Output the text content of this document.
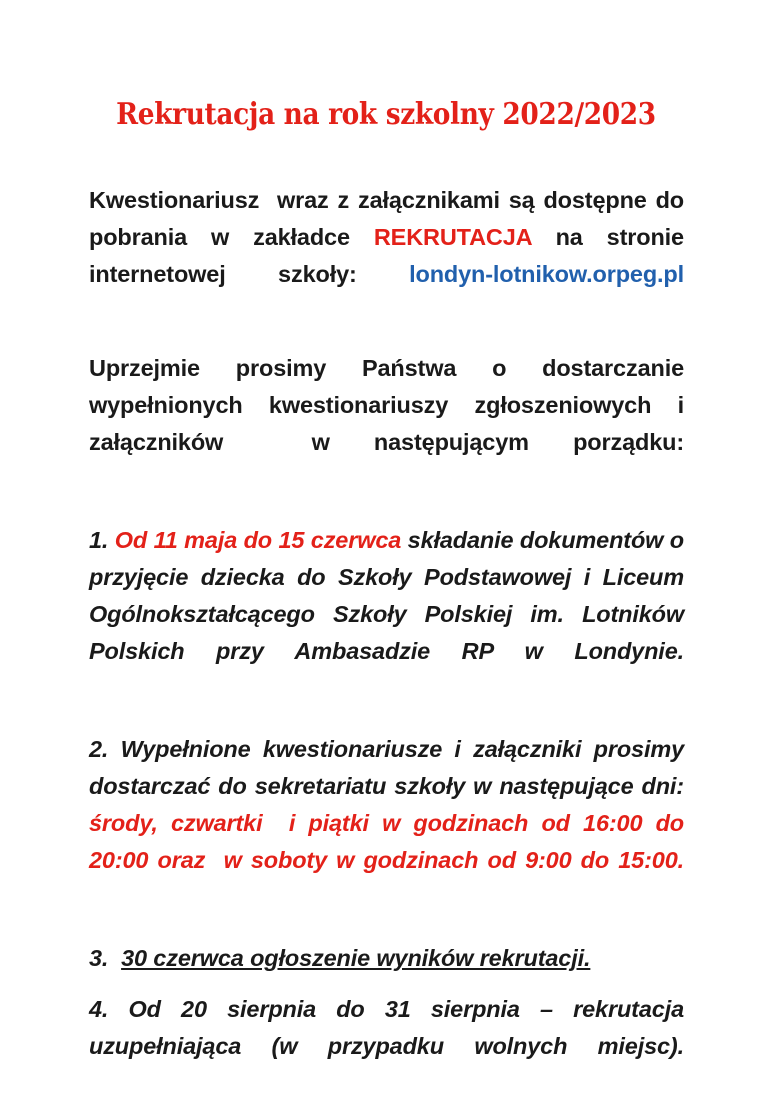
Rekrutacja na rok szkolny 2022/2023

Kwestionariusz  wraz z załącznikami są dostępne do pobrania w zakładce REKRUTACJA na stronie internetowej szkoły: londyn-lotnikow.orpeg.pl

Uprzejmie prosimy Państwa o dostarczanie wypełnionych kwestionariuszy zgłoszeniowych i załączników  w następującym porządku:

1. Od 11 maja do 15 czerwca składanie dokumentów o przyjęcie dziecka do Szkoły Podstawowej i Liceum Ogólnokształcącego Szkoły Polskiej im. Lotników Polskich przy Ambasadzie RP w Londynie.

2. Wypełnione kwestionariusze i załączniki prosimy dostarczać do sekretariatu szkoły w następujące dni: środy, czwartki  i piątki w godzinach od 16:00 do 20:00 oraz  w soboty w godzinach od 9:00 do 15:00.

3. 30 czerwca ogłoszenie wyników rekrutacji.

4. Od 20 sierpnia do 31 sierpnia – rekrutacja uzupełniająca (w przypadku wolnych miejsc).
